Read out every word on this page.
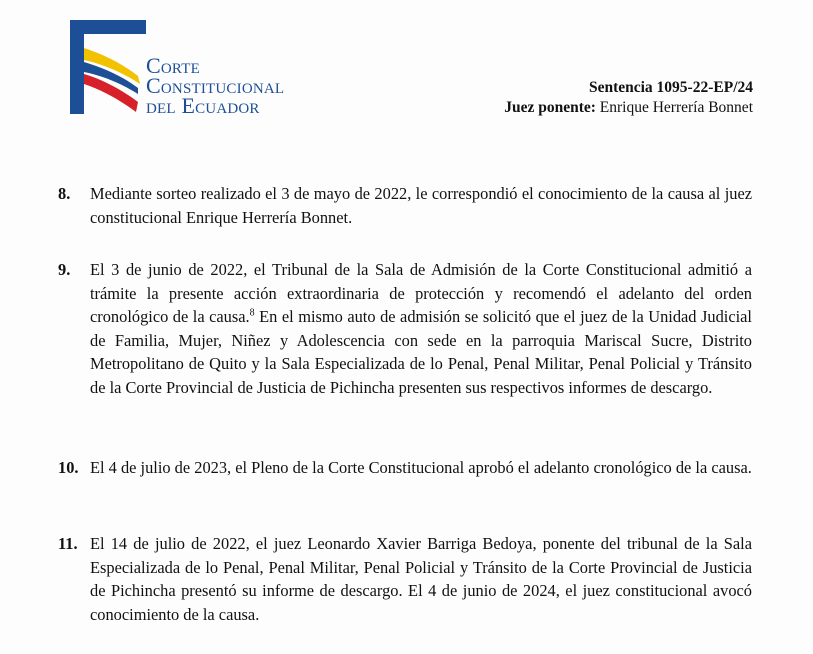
Corte
Constitucional
del Ecuador
Sentencia 1095-22-EP/24
Juez ponente: Enrique Herrería Bonnet
8. Mediante sorteo realizado el 3 de mayo de 2022, le correspondió el conocimiento de la causa al juez constitucional Enrique Herrería Bonnet.
9. El 3 de junio de 2022, el Tribunal de la Sala de Admisión de la Corte Constitucional admitió a trámite la presente acción extraordinaria de protección y recomendó el adelanto del orden cronológico de la causa.$^8$ En el mismo auto de admisión se solicitó que el juez de la Unidad Judicial de Familia, Mujer, Niñez y Adolescencia con sede en la parroquia Mariscal Sucre, Distrito Metropolitano de Quito y la Sala Especializada de lo Penal, Penal Militar, Penal Policial y Tránsito de la Corte Provincial de Justicia de Pichincha presenten sus respectivos informes de descargo.
10. El 4 de julio de 2023, el Pleno de la Corte Constitucional aprobó el adelanto cronológico de la causa.
11. El 14 de julio de 2022, el juez Leonardo Xavier Barriga Bedoya, ponente del tribunal de la Sala Especializada de lo Penal, Penal Militar, Penal Policial y Tránsito de la Corte Provincial de Justicia de Pichincha presentó su informe de descargo. El 4 de junio de 2024, el juez constitucional avocó conocimiento de la causa.
